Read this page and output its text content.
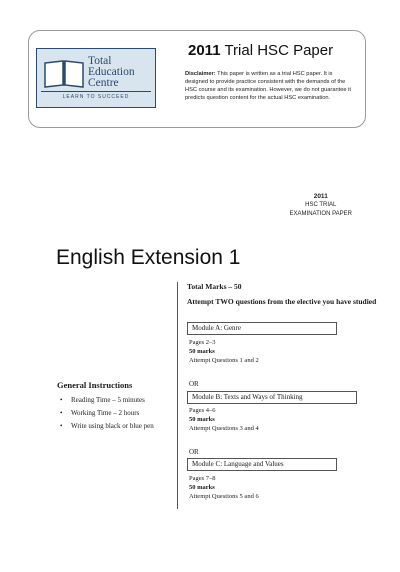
Total
Education
Centre
LEARN TO SUCCEED
2011 Trial HSC Paper
Disclaimer: This paper is written as a trial HSC paper. It is designed to provide practice consistent with the demands of the HSC course and its examination. However, we do not guarantee it predicts question content for the actual HSC examination.
2011
HSC TRIAL
EXAMINATION PAPER
English Extension 1
General Instructions
• Reading Time – 5 minutes
• Working Time – 2 hours
• Write using black or blue pen
Total Marks – 50
Attempt TWO questions from the elective you have studied
Module A: Genre
Pages 2–3
50 marks
Attempt Questions 1 and 2
OR
Module B: Texts and Ways of Thinking
Pages 4–6
50 marks
Attempt Questions 3 and 4
OR
Module C: Language and Values
Pages 7–8
50 marks
Attempt Questions 5 and 6
